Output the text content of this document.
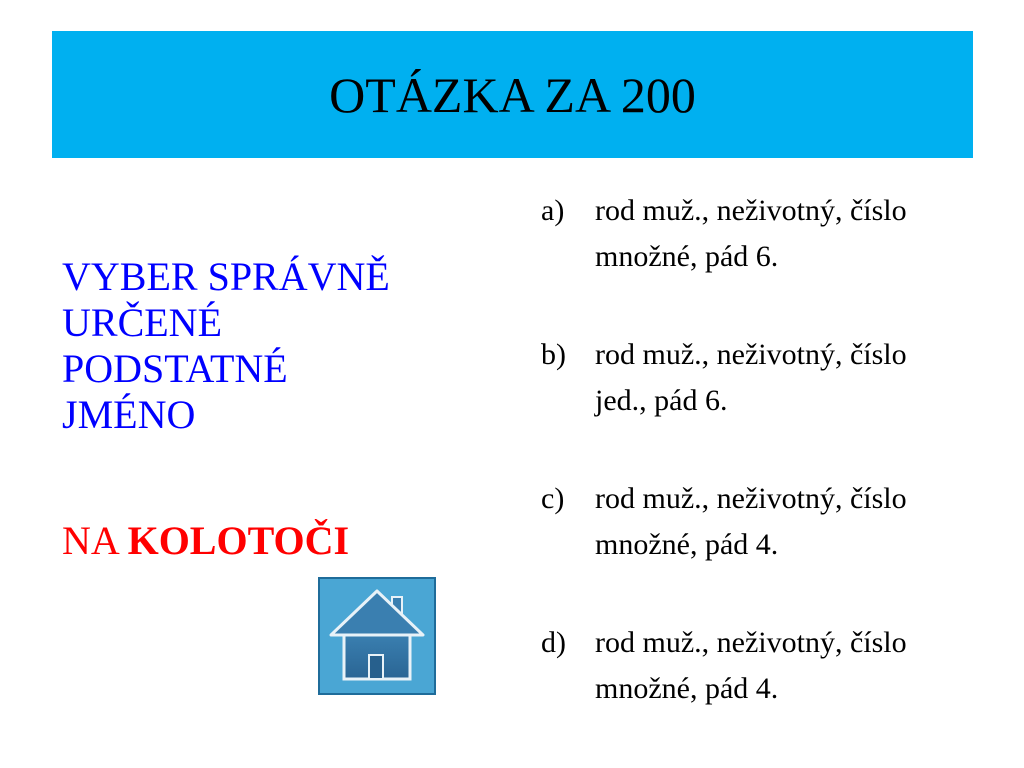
OTÁZKA ZA 200
VYBER SPRÁVNĚ
URČENÉ
PODSTATNÉ
JMÉNO
NA KOLOTOČI
a)	rod muž., neživotný, číslo
množné, pád 6.
b) rod muž., neživotný, číslo
jed., pád 6.
c)	rod muž., neživotný, číslo
množné, pád 4.
d) rod muž., neživotný, číslo
množné, pád 4.
